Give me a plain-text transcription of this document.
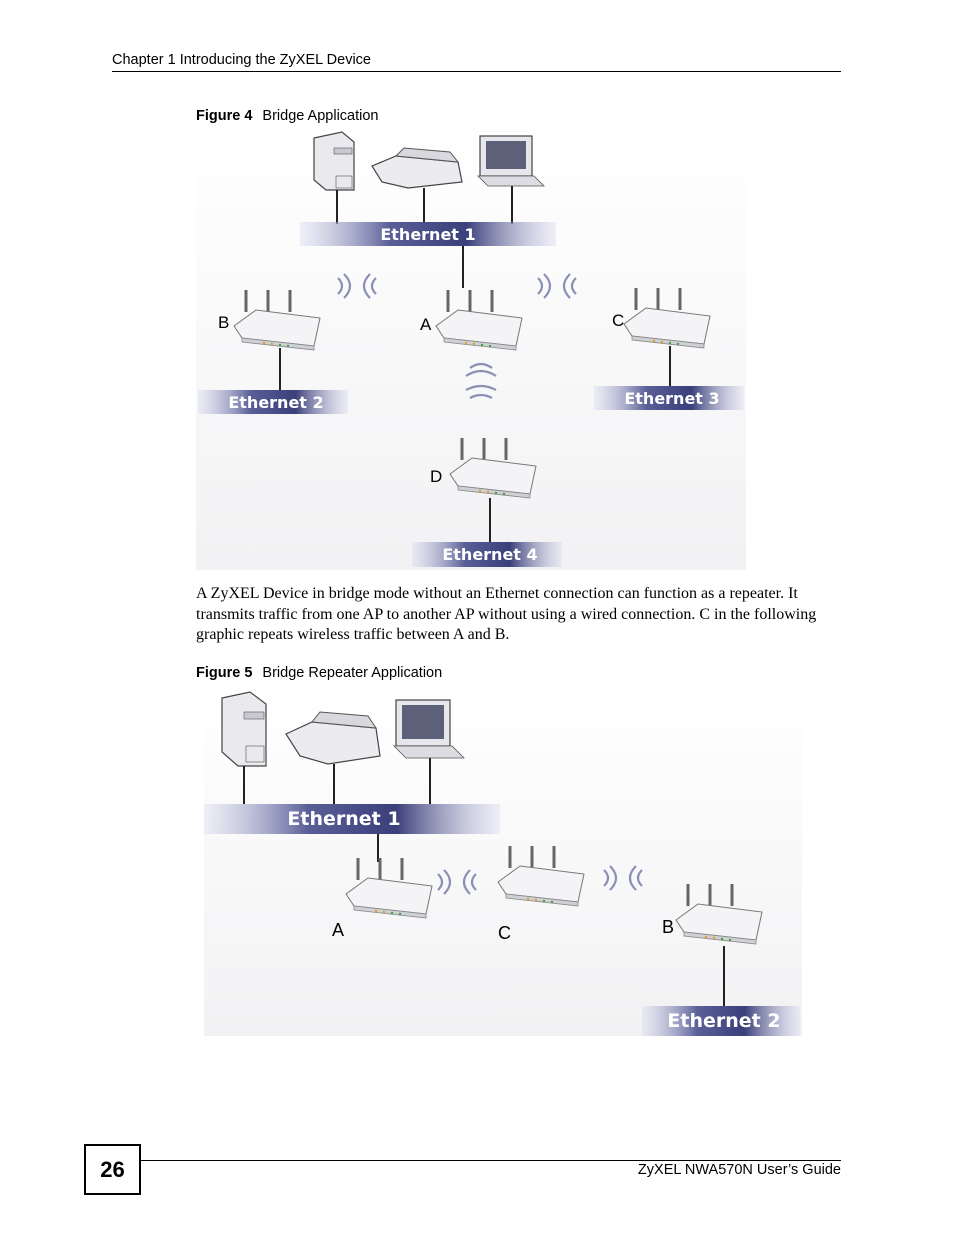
Chapter 1 Introducing the ZyXEL Device
Figure 4 Bridge Application
Ethernet 1
B
Ethernet 2
A	C
Ethernet 3
D
Ethernet 4
A ZyXEL Device in bridge mode without an Ethernet connection can function as a repeater. It transmits traffic from one AP to another AP without using a wired connection. C in the following graphic repeats wireless traffic between A and B.
Figure 5 Bridge Repeater Application
Ethernet 1
A	C	B
Ethernet 2
26	ZyXEL NWA570N User’s Guide
